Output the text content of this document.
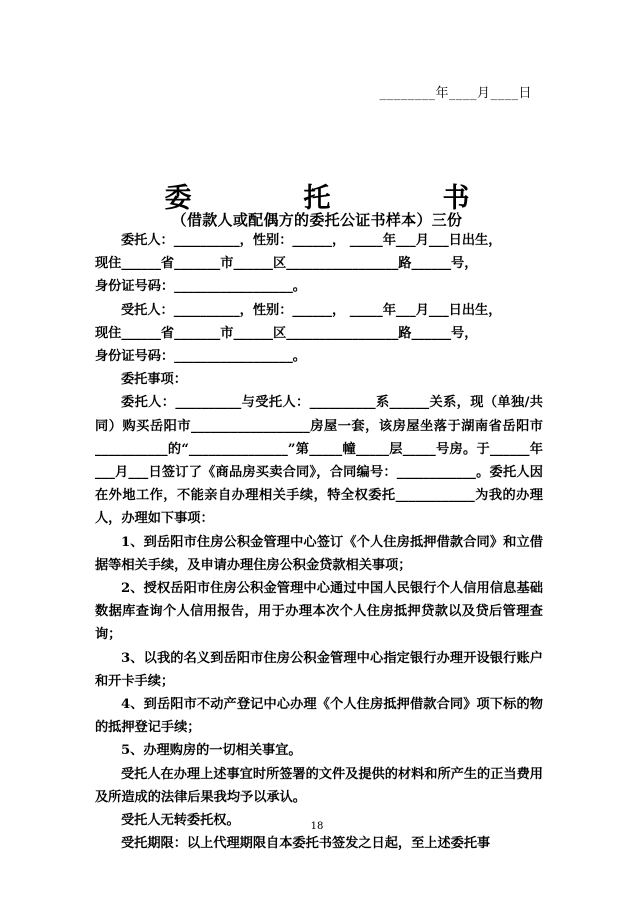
________年____月____日
委	托	书
（借款人或配偶方的委托公证书样本）三份

委托人：__________，性别：______， _____年___月___日出生，

现住______省_______市______区_________________路______号，

身份证号码：__________________。

受托人：__________，性别：______， _____年___月___日出生，

现住______省_______市______区_________________路______号，

身份证号码：__________________。

委托事项：

委托人：__________与受托人：__________系______关系，现（单独/共同）购买岳阳市__________________房屋一套，该房屋坐落于湖南省岳阳市___________的“_______________”第_____幢_____层_____号房。于______年___月___日签订了《商品房买卖合同》，合同编号：____________。委托人因在外地工作，不能亲自办理相关手续，特全权委托____________为我的办理人，办理如下事项：

1、到岳阳市住房公积金管理中心签订《个人住房抵押借款合同》和立借据等相关手续，及申请办理住房公积金贷款相关事项；

2、授权岳阳市住房公积金管理中心通过中国人民银行个人信用信息基础数据库查询个人信用报告，用于办理本次个人住房抵押贷款以及贷后管理查询；

3、以我的名义到岳阳市住房公积金管理中心指定银行办理开设银行账户和开卡手续；

4、到岳阳市不动产登记中心办理《个人住房抵押借款合同》项下标的物的抵押登记手续；

5、办理购房的一切相关事宜。

受托人在办理上述事宜时所签署的文件及提供的材料和所产生的正当费用及所造成的法律后果我均予以承认。

受托人无转委托权。

受托期限：以上代理期限自本委托书签发之日起，至上述委托事

18
